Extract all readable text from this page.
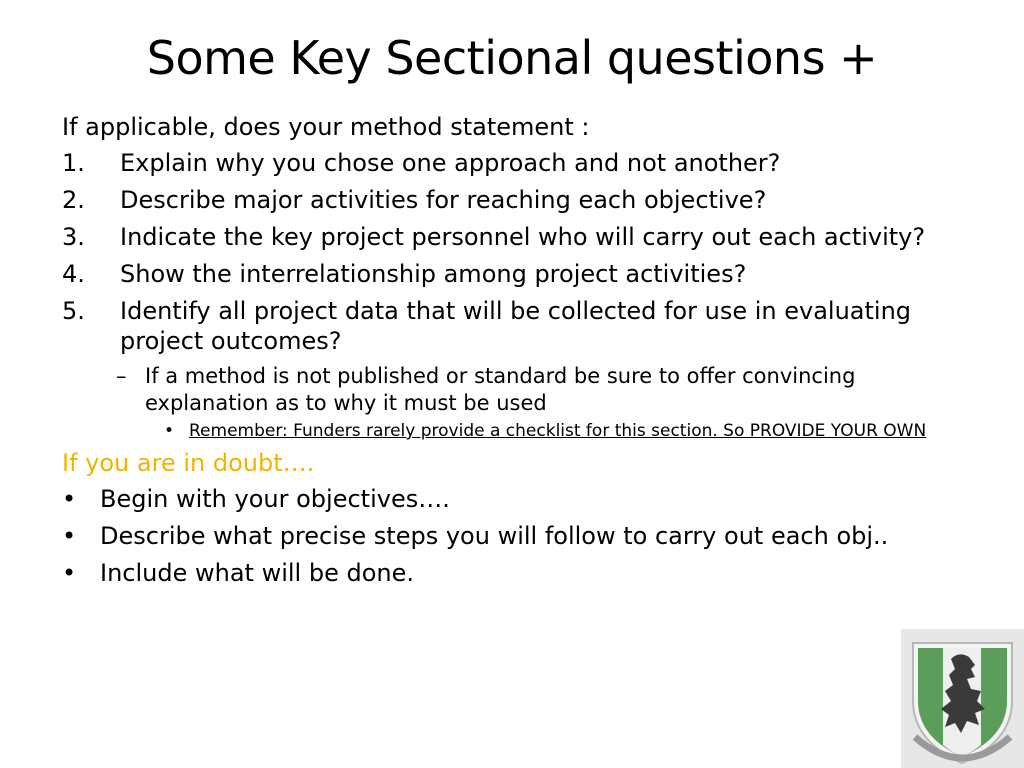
Some Key Sectional questions +

If applicable, does your method statement :

1.	Explain why you chose one approach and not another?
2.	Describe major activities for reaching each objective?
3.	Indicate the key project personnel who will carry out each activity?
4.	Show the interrelationship among project activities?
5.	Identify all project data that will be collected for use in evaluating project outcomes?
– If a method is not published or standard be sure to offer convincing explanation as to why it must be used
• Remember: Funders rarely provide a checklist for this section. So PROVIDE YOUR OWN

If you are in doubt….

• Begin with your objectives….
• Describe what precise steps you will follow to carry out each obj..
• Include what will be done.
